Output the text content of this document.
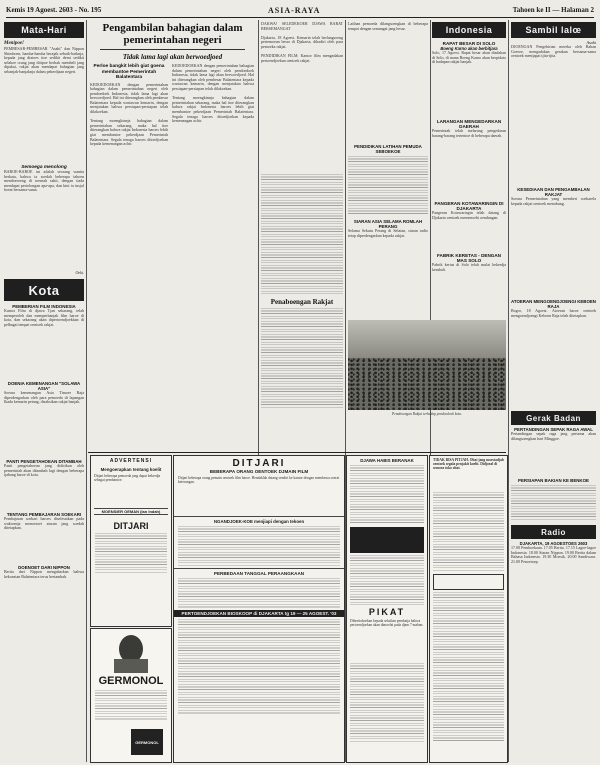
Kemis 19 Agoest. 2603 - No. 195	ASIA-RAYA	Tahoen ke II — Halaman 2
Mata-Hari
Menipoe!
PEMBESAR-PEMBESAR "Asahi" dan Nippon Shimboen, hamba-hamba berajak sebaik-baiknja, kepada jang diatoes itoe sedikit demi sedikit selakoe orang jang ditipoe berhak membeli jang dipakai, rakjat akan mendapat bahagian jang sebanjak-banjaknja dalam pekerdjaan negeri.
Semoega menolong
BAROE-BAROE ini adalah seorang wanita berkata, bahwa ia soedah beberapa tahoen mendoeroeng di roemah sakit, dengan tiada mendapat pertolongan apa-apa, dan kini ia insjaf boeat bersama-sama.
Oeki.
Kota
PEMBERIAN FILM INDONESIA
Kantor Film di djawa Tjan sekarang, telah memperoleh dan memperbanjak film baroe di kota, dan sekarang akan dipertoendjoekkan di pelbagai tempat oentoek rakjat.
DOENIA KEMENANGAN "SOLAWA ASIA"
Soeara kemenangan Asia Timoer Raja diperdengarkan oleh para pemoeda di lapangan Ikada kemarin petang, disaksikan rakjat banjak.
PANTI PENGETAHOEAN DITAMBAH
Panti pengetahoean jang didirikan oleh pemerintah akan ditambah lagi dengan beberapa tjabang baroe di kota.
TENTANG PEMBAJARAN SOEKARI
Pembajaran soekari haroes diselesaikan pada waktoenja menoeroet aturan jang soedah ditetapkan.
DOENOET DARI NIPPON
Berita dari Nippon mengabarkan bahwa kekoeatan Balatentara terus bertambah.
Pengambilan bahagian dalam pemerintahan negeri
Tidak lama lagi akan berwoedjoed
Perloe bangkit lebih giat goena membantoe Pemerintah Balatentara
KEDOEDOEKAN dengan pemerintahan bahagian dalam pemerintahan negeri oleh pendoedoek Indonesia, tidak lama lagi akan berwoedjoed. Hal ini diterangkan oleh pembesar Balatentara kepada wartawan kemarin, dengan menjatakan bahwa persiapan-persiapan telah dilakoekan.

Tentang moengkinnja bahagian dalam pemerintahan sekarang, maka hal itoe diterangkan bahwa rakjat Indonesia haroes lebih giat membantoe pekerdjaan Pemerintah Balatentara. Segala tenaga haroes ditoedjoekan kepada kemenangan achir.
KEDOEDOEKAN dengan pemerintahan bahagian dalam pemerintahan negeri oleh pendoedoek Indonesia, tidak lama lagi akan berwoedjoed. Hal ini diterangkan oleh pembesar Balatentara kepada wartawan kemarin, dengan menjatakan bahwa persiapan-persiapan telah dilakoekan.

Tentang moengkinnja bahagian dalam pemerintahan sekarang, maka hal itoe diterangkan bahwa rakjat Indonesia haroes lebih giat membantoe pekerdjaan Pemerintah Balatentara. Segala tenaga haroes ditoedjoekan kepada kemenangan achir.
DAKWA! SELEDEKOER DJAWA BARAT BERSEMANGAT

Djakarta, 18 Agoest. Kemarin telah berlangsoeng pertemoean besar di Djakarta, dihadiri oleh para pemoeka rakjat.

PENDIDIKAN FILM: Kantor film mengadakan pertoendjoekan oentoek rakjat.
Penaboengan Rakjat
Latihan pemoeda dilangsoengkan di beberapa tempat dengan semangat jang besar.
PENDIDIKAN LATIHAN PEMUDA SEBOEKOE
SIARAN ASIA SELAMA ROMLAH PERANG
Selama Sekutu Perang di Selatan, siaran radio tetap diperdengarkan kepada rakjat.
Indonesia
RAPAT BESAR DI SOLO
Boeng Karno akan berbitjara
Solo, 17 Agoest. Rapat besar akan diadakan di Solo, di mana Boeng Karno akan berpidato di hadapan rakjat banjak.
LARANGAN MENGEDARKAN DAERAH
Pemerintah telah melarang pengedaran barang-barang tertentoe di beberapa daerah.
PANGERAN KOTAWARINGIN DI DJAKARTA
Pangeran Kotawaringin telah datang di Djakarta oentoek memenoehi oendangan.
FABRIK KERETAS - DENGAN MAS SOLO
Pabrik kertas di Solo telah mulai bekerdja kembali.
Penaboengan Rakjat terhadap pendoedoek kota.
Sambil lalœ
Asahi
DJOENGAN Pengebirian mereka oleh Bahan Goeroe, mengadakan gerakan bersama-sama oentoek mentjapai tjita-tjita.
KESEDIAAN DAN PENGAMBALAN RAKJAT
Soeara Pemerintahan yang memberi soekarela kepada rakjat oentoek menabung.
ATOERAN MENGOENDJOENGI KEBOEN RAJA
Bogor, 18 Agoest. Atoeran baroe oentoek mengoendjoengi Keboen Raja telah ditetapkan.
Gerak Badan
PERTANDINGAN SEPAK RAGA AWAL
Pertandingan sepak raga jang pertama akan dilangsoengkan hari Minggoe.
PERSIAPAN BAKIAN KE BENKOE
Radio
DJAKARTA, 19 AGOESTOES 2603
17.00 Pemboekaan. 17.05 Berita. 17.15 Lagoe-lagoe Indonesia. 18.00 Siaran Nippon. 19.00 Berita dalam Bahasa Indonesia. 19.30 Moesik. 20.00 Sandiwara. 21.00 Penoetoep.
ADVERTENSI
Mengoerapkan tentang koelit
Ditjari beberapa pemoeda jang dapat bekerdja sebagai pembantoe.
MOENSIER OEMAN (Ian Indah)
DITJARI
GERMONOL
GERMONOL
DITJARI
BEBERAPA ORANG OENTOEK DJMAIN FILM
Ditjari beberapa orang pemain oentoek film baroe. Hendaklah datang sendiri ke kantor dengan membawa soerat keterangan.
NGANDJOEK-KOE menjiapi dengan tekoen
PERBEDAAN TANGGAL PERAANGKAAN
PERTOENDJOEKAN BIOSKOOP di DJAKARTA tg 19 — 25 AGOEST. '03
DJAWA HABIS BERANAK
PIKAT
Diberitahoekan kepada sekalian pembatja bahwa pertoendjoekan akan dimoelai pada djam 7 malam.
TIDAK BISA PITJAH. Obat jang moestadjab oentoek segala penjakit koelit. Didjoeal di semoea toko obat.
